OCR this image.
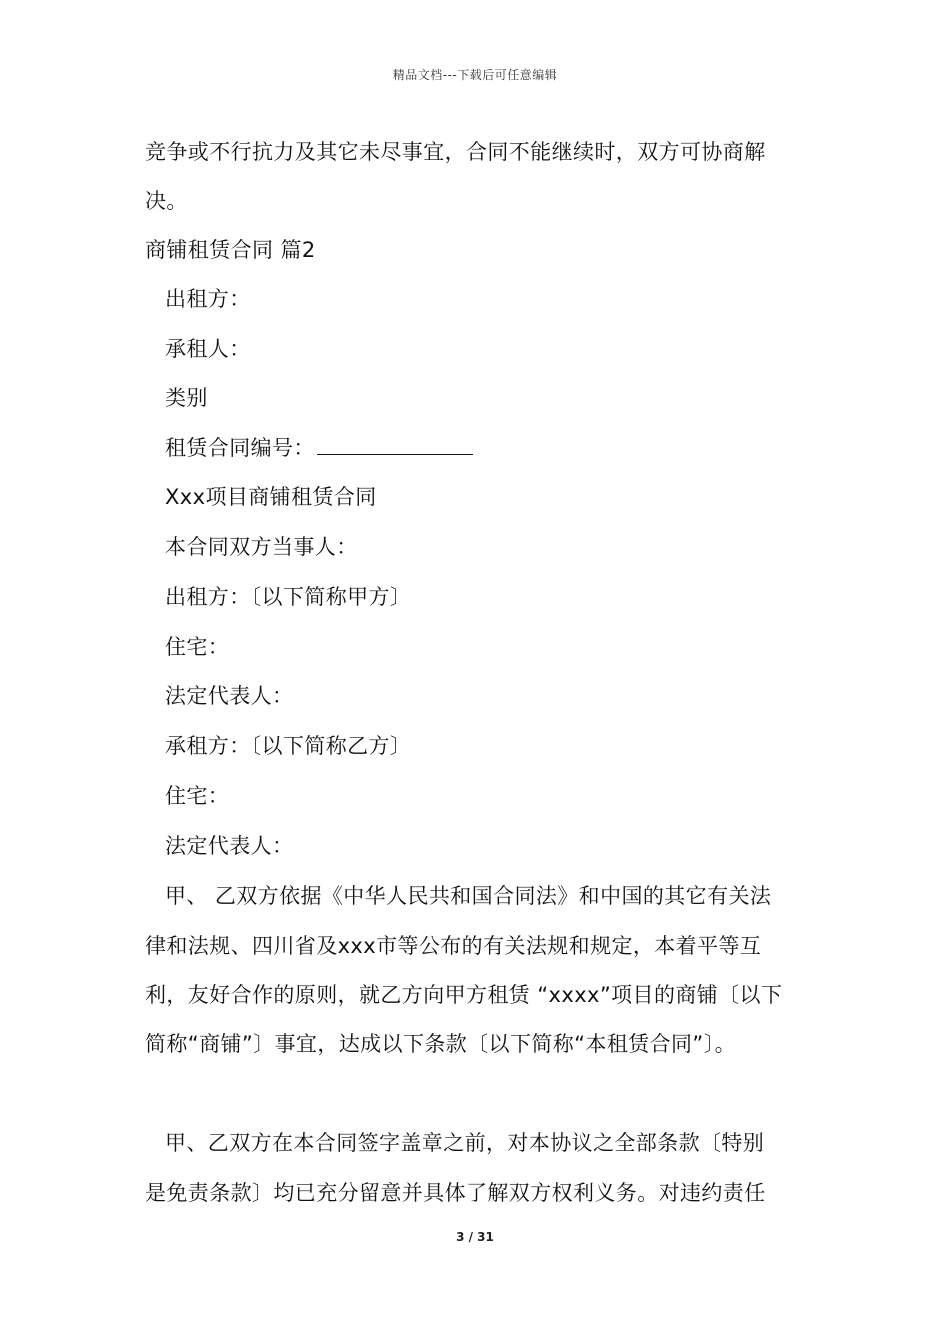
精品文档---下载后可任意编辑
竞争或不行抗力及其它未尽事宜，合同不能继续时，双方可协商解
决。
商铺租赁合同 篇2
出租方：
承租人：
类别
租赁合同编号：
Xxx项目商铺租赁合同
本合同双方当事人：
出租方：〔以下简称甲方〕
住宅：
法定代表人：
承租方：〔以下简称乙方〕
住宅：
法定代表人：
甲、 乙双方依据《中华人民共和国合同法》和中国的其它有关法
律和法规、四川省及xxx市等公布的有关法规和规定，本着平等互
利，友好合作的原则，就乙方向甲方租赁 “xxxx”项目的商铺〔以下
简称“商铺”〕事宜，达成以下条款〔以下简称“本租赁合同”〕。
甲、乙双方在本合同签字盖章之前，对本协议之全部条款〔特别
是免责条款〕均已充分留意并具体了解双方权利义务。对违约责任
3 / 31
